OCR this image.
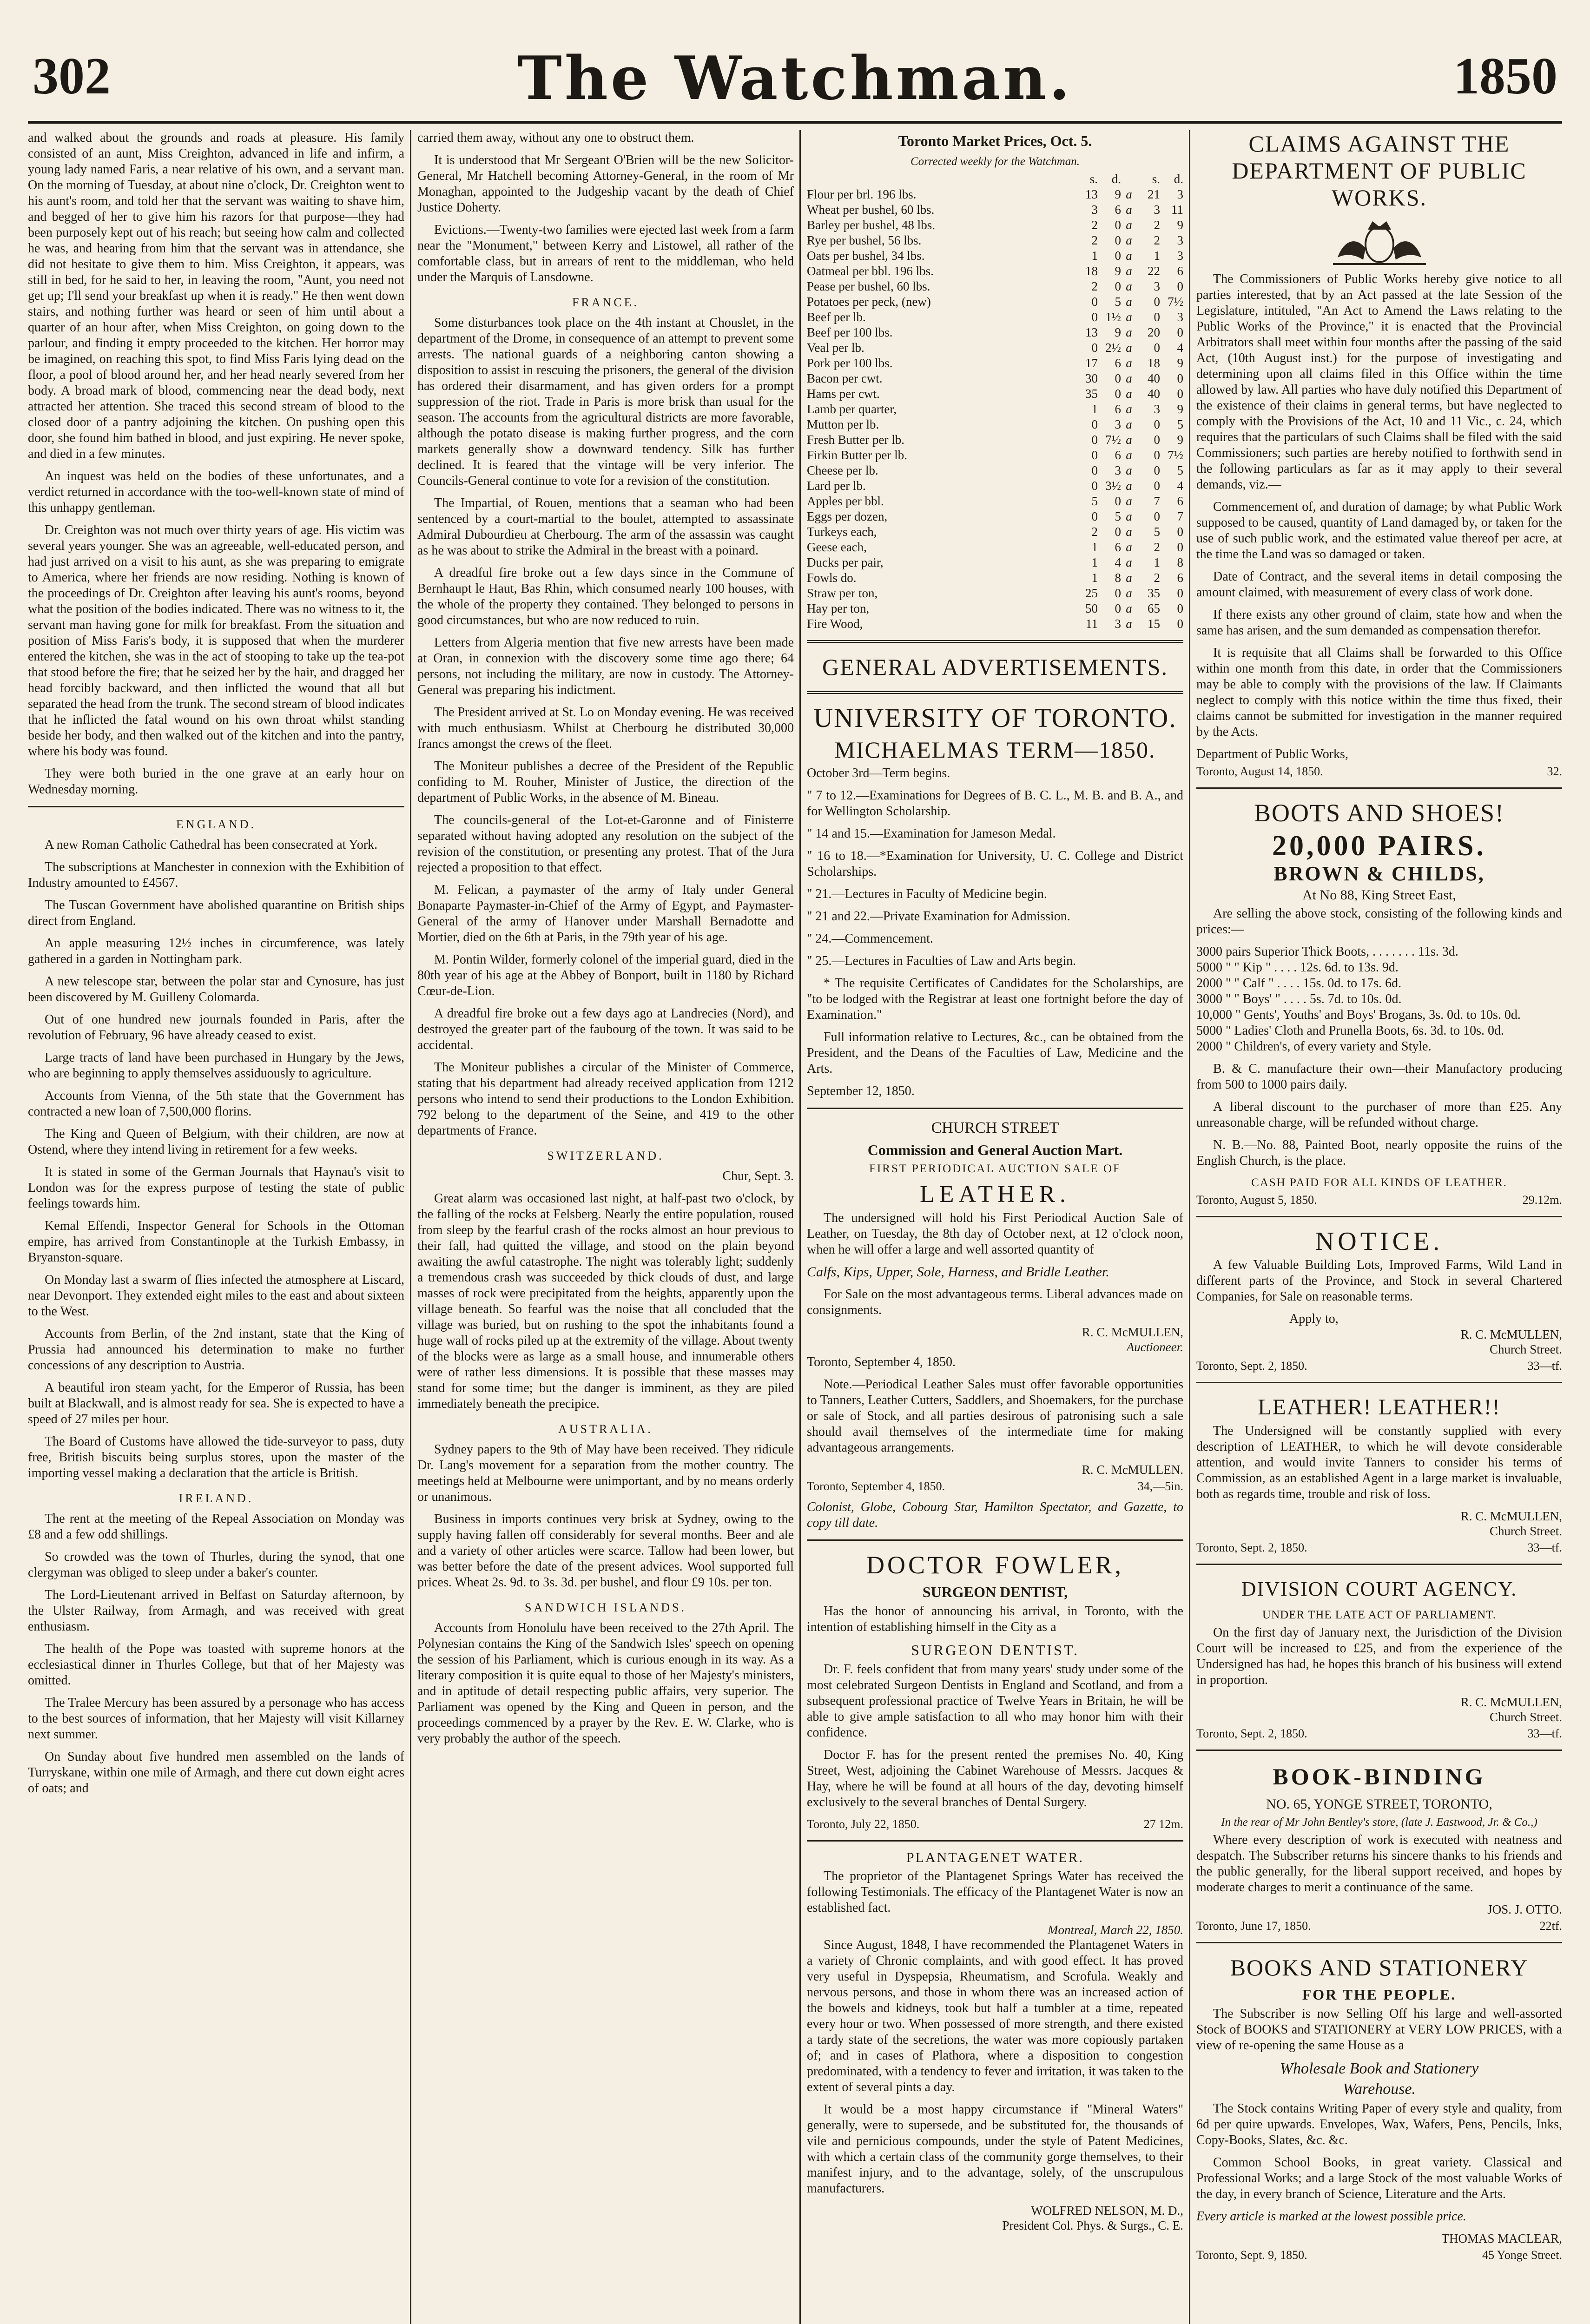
302	The Watchman.	1850

and walked about the grounds and roads at pleasure. His family consisted of an aunt, Miss Creighton, advanced in life and infirm, a young lady named Faris, a near relative of his own, and a servant man. On the morning of Tuesday, at about nine o'clock, Dr. Creighton went to his aunt's room, and told her that the servant was waiting to shave him, and begged of her to give him his razors for that purpose—they had been purposely kept out of his reach; but seeing how calm and collected he was, and hearing from him that the servant was in attendance, she did not hesitate to give them to him. Miss Creighton, it appears, was still in bed, for he said to her, in leaving the room, "Aunt, you need not get up; I'll send your breakfast up when it is ready." He then went down stairs, and nothing further was heard or seen of him until about a quarter of an hour after, when Miss Creighton, on going down to the parlour, and finding it empty proceeded to the kitchen. Her horror may be imagined, on reaching this spot, to find Miss Faris lying dead on the floor, a pool of blood around her, and her head nearly severed from her body. A broad mark of blood, commencing near the dead body, next attracted her attention. She traced this second stream of blood to the closed door of a pantry adjoining the kitchen. On pushing open this door, she found him bathed in blood, and just expiring. He never spoke, and died in a few minutes.

An inquest was held on the bodies of these unfortunates, and a verdict returned in accordance with the too-well-known state of mind of this unhappy gentleman.

Dr. Creighton was not much over thirty years of age. His victim was several years younger. She was an agreeable, well-educated person, and had just arrived on a visit to his aunt, as she was preparing to emigrate to America, where her friends are now residing. Nothing is known of the proceedings of Dr. Creighton after leaving his aunt's rooms, beyond what the position of the bodies indicated. There was no witness to it, the servant man having gone for milk for breakfast. From the situation and position of Miss Faris's body, it is supposed that when the murderer entered the kitchen, she was in the act of stooping to take up the tea-pot that stood before the fire; that he seized her by the hair, and dragged her head forcibly backward, and then inflicted the wound that all but separated the head from the trunk. The second stream of blood indicates that he inflicted the fatal wound on his own throat whilst standing beside her body, and then walked out of the kitchen and into the pantry, where his body was found.

They were both buried in the one grave at an early hour on Wednesday morning.

ENGLAND.

A new Roman Catholic Cathedral has been consecrated at York.

The subscriptions at Manchester in connexion with the Exhibition of Industry amounted to £4567.

The Tuscan Government have abolished quarantine on British ships direct from England.

An apple measuring 12½ inches in circumference, was lately gathered in a garden in Nottingham park.

A new telescope star, between the polar star and Cynosure, has just been discovered by M. Guilleny Colomarda.

Out of one hundred new journals founded in Paris, after the revolution of February, 96 have already ceased to exist.

Large tracts of land have been purchased in Hungary by the Jews, who are beginning to apply themselves assiduously to agriculture.

Accounts from Vienna, of the 5th state that the Government has contracted a new loan of 7,500,000 florins.

The King and Queen of Belgium, with their children, are now at Ostend, where they intend living in retirement for a few weeks.

It is stated in some of the German Journals that Haynau's visit to London was for the express purpose of testing the state of public feelings towards him.

Kemal Effendi, Inspector General for Schools in the Ottoman empire, has arrived from Constantinople at the Turkish Embassy, in Bryanston-square.

On Monday last a swarm of flies infected the atmosphere at Liscard, near Devonport. They extended eight miles to the east and about sixteen to the West.

Accounts from Berlin, of the 2nd instant, state that the King of Prussia had announced his determination to make no further concessions of any description to Austria.

A beautiful iron steam yacht, for the Emperor of Russia, has been built at Blackwall, and is almost ready for sea. She is expected to have a speed of 27 miles per hour.

The Board of Customs have allowed the tide-surveyor to pass, duty free, British biscuits being surplus stores, upon the master of the importing vessel making a declaration that the article is British.

IRELAND.

The rent at the meeting of the Repeal Association on Monday was £8 and a few odd shillings.

So crowded was the town of Thurles, during the synod, that one clergyman was obliged to sleep under a baker's counter.

The Lord-Lieutenant arrived in Belfast on Saturday afternoon, by the Ulster Railway, from Armagh, and was received with great enthusiasm.

The health of the Pope was toasted with supreme honors at the ecclesiastical dinner in Thurles College, but that of her Majesty was omitted.

The Tralee Mercury has been assured by a personage who has access to the best sources of information, that her Majesty will visit Killarney next summer.

On Sunday about five hundred men assembled on the lands of Turryskane, within one mile of Armagh, and there cut down eight acres of oats; and

carried them away, without any one to obstruct them.

It is understood that Mr Sergeant O'Brien will be the new Solicitor-General, Mr Hatchell becoming Attorney-General, in the room of Mr Monaghan, appointed to the Judgeship vacant by the death of Chief Justice Doherty.

Evictions.—Twenty-two families were ejected last week from a farm near the "Monument," between Kerry and Listowel, all rather of the comfortable class, but in arrears of rent to the middleman, who held under the Marquis of Lansdowne.

FRANCE.

Some disturbances took place on the 4th instant at Chouslet, in the department of the Drome, in consequence of an attempt to prevent some arrests. The national guards of a neighboring canton showing a disposition to assist in rescuing the prisoners, the general of the division has ordered their disarmament, and has given orders for a prompt suppression of the riot. Trade in Paris is more brisk than usual for the season. The accounts from the agricultural districts are more favorable, although the potato disease is making further progress, and the corn markets generally show a downward tendency. Silk has further declined. It is feared that the vintage will be very inferior. The Councils-General continue to vote for a revision of the constitution.

The Impartial, of Rouen, mentions that a seaman who had been sentenced by a court-martial to the boulet, attempted to assassinate Admiral Dubourdieu at Cherbourg. The arm of the assassin was caught as he was about to strike the Admiral in the breast with a poinard.

A dreadful fire broke out a few days since in the Commune of Bernhaupt le Haut, Bas Rhin, which consumed nearly 100 houses, with the whole of the property they contained. They belonged to persons in good circumstances, but who are now reduced to ruin.

Letters from Algeria mention that five new arrests have been made at Oran, in connexion with the discovery some time ago there; 64 persons, not including the military, are now in custody. The Attorney-General was preparing his indictment.

The President arrived at St. Lo on Monday evening. He was received with much enthusiasm. Whilst at Cherbourg he distributed 30,000 francs amongst the crews of the fleet.

The Moniteur publishes a decree of the President of the Republic confiding to M. Rouher, Minister of Justice, the direction of the department of Public Works, in the absence of M. Bineau.

The councils-general of the Lot-et-Garonne and of Finisterre separated without having adopted any resolution on the subject of the revision of the constitution, or presenting any protest. That of the Jura rejected a proposition to that effect.

M. Felican, a paymaster of the army of Italy under General Bonaparte Paymaster-in-Chief of the Army of Egypt, and Paymaster-General of the army of Hanover under Marshall Bernadotte and Mortier, died on the 6th at Paris, in the 79th year of his age.

M. Pontin Wilder, formerly colonel of the imperial guard, died in the 80th year of his age at the Abbey of Bonport, built in 1180 by Richard Cœur-de-Lion.

A dreadful fire broke out a few days ago at Landrecies (Nord), and destroyed the greater part of the faubourg of the town. It was said to be accidental.

The Moniteur publishes a circular of the Minister of Commerce, stating that his department had already received application from 1212 persons who intend to send their productions to the London Exhibition. 792 belong to the department of the Seine, and 419 to the other departments of France.

SWITZERLAND.

Chur, Sept. 3.

Great alarm was occasioned last night, at half-past two o'clock, by the falling of the rocks at Felsberg. Nearly the entire population, roused from sleep by the fearful crash of the rocks almost an hour previous to their fall, had quitted the village, and stood on the plain beyond awaiting the awful catastrophe. The night was tolerably light; suddenly a tremendous crash was succeeded by thick clouds of dust, and large masses of rock were precipitated from the heights, apparently upon the village beneath. So fearful was the noise that all concluded that the village was buried, but on rushing to the spot the inhabitants found a huge wall of rocks piled up at the extremity of the village. About twenty of the blocks were as large as a small house, and innumerable others were of rather less dimensions. It is possible that these masses may stand for some time; but the danger is imminent, as they are piled immediately beneath the precipice.

AUSTRALIA.

Sydney papers to the 9th of May have been received. They ridicule Dr. Lang's movement for a separation from the mother country. The meetings held at Melbourne were unimportant, and by no means orderly or unanimous.

Business in imports continues very brisk at Sydney, owing to the supply having fallen off considerably for several months. Beer and ale and a variety of other articles were scarce. Tallow had been lower, but was better before the date of the present advices. Wool supported full prices. Wheat 2s. 9d. to 3s. 3d. per bushel, and flour £9 10s. per ton.

SANDWICH ISLANDS.

Accounts from Honolulu have been received to the 27th April. The Polynesian contains the King of the Sandwich Isles' speech on opening the session of his Parliament, which is curious enough in its way. As a literary composition it is quite equal to those of her Majesty's ministers, and in aptitude of detail respecting public affairs, very superior. The Parliament was opened by the King and Queen in person, and the proceedings commenced by a prayer by the Rev. E. W. Clarke, who is very probably the author of the speech.

Toronto Market Prices, Oct. 5.
Corrected weekly for the Watchman.
	s.	d.		s.	d.
Flour per brl. 196 lbs.	13	9	a	21	3
Wheat per bushel, 60 lbs.	3	6	a	3	11
Barley per bushel, 48 lbs.	2	0	a	2	9
Rye per bushel, 56 lbs.	2	0	a	2	3
Oats per bushel, 34 lbs.	1	0	a	1	3
Oatmeal per bbl. 196 lbs.	18	9	a	22	6
Pease per bushel, 60 lbs.	2	0	a	3	0
Potatoes per peck, (new)	0	5	a	0	7½
Beef per lb.	0	1½	a	0	3
Beef per 100 lbs.	13	9	a	20	0
Veal per lb.	0	2½	a	0	4
Pork per 100 lbs.	17	6	a	18	9
Bacon per cwt.	30	0	a	40	0
Hams per cwt.	35	0	a	40	0
Lamb per quarter,	1	6	a	3	9
Mutton per lb.	0	3	a	0	5
Fresh Butter per lb.	0	7½	a	0	9
Firkin Butter per lb.	0	6	a	0	7½
Cheese per lb.	0	3	a	0	5
Lard per lb.	0	3½	a	0	4
Apples per bbl.	5	0	a	7	6
Eggs per dozen,	0	5	a	0	7
Turkeys each,	2	0	a	5	0
Geese each,	1	6	a	2	0
Ducks per pair,	1	4	a	1	8
Fowls do.	1	8	a	2	6
Straw per ton,	25	0	a	35	0
Hay per ton,	50	0	a	65	0
Fire Wood,	11	3	a	15	0
GENERAL ADVERTISEMENTS.
UNIVERSITY OF TORONTO.
MICHAELMAS TERM—1850.

October 3rd—Term begins.

" 7 to 12.—Examinations for Degrees of B. C. L., M. B. and B. A., and for Wellington Scholarship.

" 14 and 15.—Examination for Jameson Medal.

" 16 to 18.—*Examination for University, U. C. College and District Scholarships.

" 21.—Lectures in Faculty of Medicine begin.

" 21 and 22.—Private Examination for Admission.

" 24.—Commencement.

" 25.—Lectures in Faculties of Law and Arts begin.

* The requisite Certificates of Candidates for the Scholarships, are "to be lodged with the Registrar at least one fortnight before the day of Examination."

Full information relative to Lectures, &c., can be obtained from the President, and the Deans of the Faculties of Law, Medicine and the Arts.

September 12, 1850.

CHURCH STREET
Commission and General Auction Mart.
FIRST PERIODICAL AUCTION SALE OF
LEATHER.

The undersigned will hold his First Periodical Auction Sale of Leather, on Tuesday, the 8th day of October next, at 12 o'clock noon, when he will offer a large and well assorted quantity of

Calfs, Kips, Upper, Sole, Harness, and Bridle Leather.

For Sale on the most advantageous terms. Liberal advances made on consignments.

R. C. McMULLEN,

Auctioneer.

Toronto, September 4, 1850.

Note.—Periodical Leather Sales must offer favorable opportunities to Tanners, Leather Cutters, Saddlers, and Shoemakers, for the purchase or sale of Stock, and all parties desirous of patronising such a sale should avail themselves of the intermediate time for making advantageous arrangements.

R. C. McMULLEN.

Toronto, September 4, 1850.	34,—5in.

Colonist, Globe, Cobourg Star, Hamilton Spectator, and Gazette, to copy till date.

DOCTOR FOWLER,
SURGEON DENTIST,

Has the honor of announcing his arrival, in Toronto, with the intention of establishing himself in the City as a

SURGEON DENTIST.

Dr. F. feels confident that from many years' study under some of the most celebrated Surgeon Dentists in England and Scotland, and from a subsequent professional practice of Twelve Years in Britain, he will be able to give ample satisfaction to all who may honor him with their confidence.

Doctor F. has for the present rented the premises No. 40, King Street, West, adjoining the Cabinet Warehouse of Messrs. Jacques & Hay, where he will be found at all hours of the day, devoting himself exclusively to the several branches of Dental Surgery.

Toronto, July 22, 1850.	27 12m.
PLANTAGENET WATER.

The proprietor of the Plantagenet Springs Water has received the following Testimonials. The efficacy of the Plantagenet Water is now an established fact.

Montreal, March 22, 1850.

Since August, 1848, I have recommended the Plantagenet Waters in a variety of Chronic complaints, and with good effect. It has proved very useful in Dyspepsia, Rheumatism, and Scrofula. Weakly and nervous persons, and those in whom there was an increased action of the bowels and kidneys, took but half a tumbler at a time, repeated every hour or two. When possessed of more strength, and there existed a tardy state of the secretions, the water was more copiously partaken of; and in cases of Plathora, where a disposition to congestion predominated, with a tendency to fever and irritation, it was taken to the extent of several pints a day.

It would be a most happy circumstance if "Mineral Waters" generally, were to supersede, and be substituted for, the thousands of vile and pernicious compounds, under the style of Patent Medicines, with which a certain class of the community gorge themselves, to their manifest injury, and to the advantage, solely, of the unscrupulous manufacturers.

WOLFRED NELSON, M. D.,

President Col. Phys. & Surgs., C. E.

CLAIMS AGAINST THE DEPARTMENT OF PUBLIC WORKS.

The Commissioners of Public Works hereby give notice to all parties interested, that by an Act passed at the late Session of the Legislature, intituled, "An Act to Amend the Laws relating to the Public Works of the Province," it is enacted that the Provincial Arbitrators shall meet within four months after the passing of the said Act, (10th August inst.) for the purpose of investigating and determining upon all claims filed in this Office within the time allowed by law. All parties who have duly notified this Department of the existence of their claims in general terms, but have neglected to comply with the Provisions of the Act, 10 and 11 Vic., c. 24, which requires that the particulars of such Claims shall be filed with the said Commissioners; such parties are hereby notified to forthwith send in the following particulars as far as it may apply to their several demands, viz.—

Commencement of, and duration of damage; by what Public Work supposed to be caused, quantity of Land damaged by, or taken for the use of such public work, and the estimated value thereof per acre, at the time the Land was so damaged or taken.

Date of Contract, and the several items in detail composing the amount claimed, with measurement of every class of work done.

If there exists any other ground of claim, state how and when the same has arisen, and the sum demanded as compensation therefor.

It is requisite that all Claims shall be forwarded to this Office within one month from this date, in order that the Commissioners may be able to comply with the provisions of the law. If Claimants neglect to comply with this notice within the time thus fixed, their claims cannot be submitted for investigation in the manner required by the Acts.

Department of Public Works,

Toronto, August 14, 1850.	32.
BOOTS AND SHOES!
20,000 PAIRS.
BROWN & CHILDS,
At No 88, King Street East,

Are selling the above stock, consisting of the following kinds and prices:—

3000 pairs Superior Thick Boots, . . . . . . . 11s. 3d.

5000 " " Kip " . . . . 12s. 6d. to 13s. 9d.

2000 " " Calf " . . . . 15s. 0d. to 17s. 6d.

3000 " " Boys' " . . . . 5s. 7d. to 10s. 0d.

10,000 " Gents', Youths' and Boys' Brogans, 3s. 0d. to 10s. 0d.

5000 " Ladies' Cloth and Prunella Boots, 6s. 3d. to 10s. 0d.

2000 " Children's, of every variety and Style.

B. & C. manufacture their own—their Manufactory producing from 500 to 1000 pairs daily.

A liberal discount to the purchaser of more than £25. Any unreasonable charge, will be refunded without charge.

N. B.—No. 88, Painted Boot, nearly opposite the ruins of the English Church, is the place.

CASH PAID FOR ALL KINDS OF LEATHER.
Toronto, August 5, 1850.	29.12m.
NOTICE.

A few Valuable Building Lots, Improved Farms, Wild Land in different parts of the Province, and Stock in several Chartered Companies, for Sale on reasonable terms.

Apply to,

R. C. McMULLEN,

Church Street.

Toronto, Sept. 2, 1850.	33—tf.
LEATHER! LEATHER!!

The Undersigned will be constantly supplied with every description of LEATHER, to which he will devote considerable attention, and would invite Tanners to consider his terms of Commission, as an established Agent in a large market is invaluable, both as regards time, trouble and risk of loss.

R. C. McMULLEN,

Church Street.

Toronto, Sept. 2, 1850.	33—tf.
DIVISION COURT AGENCY.
UNDER THE LATE ACT OF PARLIAMENT.

On the first day of January next, the Jurisdiction of the Division Court will be increased to £25, and from the experience of the Undersigned has had, he hopes this branch of his business will extend in proportion.

R. C. McMULLEN,

Church Street.

Toronto, Sept. 2, 1850.	33—tf.
BOOK-BINDING
NO. 65, YONGE STREET, TORONTO,
In the rear of Mr John Bentley's store, (late J. Eastwood, Jr. & Co.,)

Where every description of work is executed with neatness and despatch. The Subscriber returns his sincere thanks to his friends and the public generally, for the liberal support received, and hopes by moderate charges to merit a continuance of the same.

JOS. J. OTTO.

Toronto, June 17, 1850.	22tf.
BOOKS AND STATIONERY
FOR THE PEOPLE.

The Subscriber is now Selling Off his large and well-assorted Stock of BOOKS and STATIONERY at VERY LOW PRICES, with a view of re-opening the same House as a

Wholesale Book and Stationery
Warehouse.

The Stock contains Writing Paper of every style and quality, from 6d per quire upwards. Envelopes, Wax, Wafers, Pens, Pencils, Inks, Copy-Books, Slates, &c. &c.

Common School Books, in great variety. Classical and Professional Works; and a large Stock of the most valuable Works of the day, in every branch of Science, Literature and the Arts.

Every article is marked at the lowest possible price.

THOMAS MACLEAR,

Toronto, Sept. 9, 1850.	45 Yonge Street.
